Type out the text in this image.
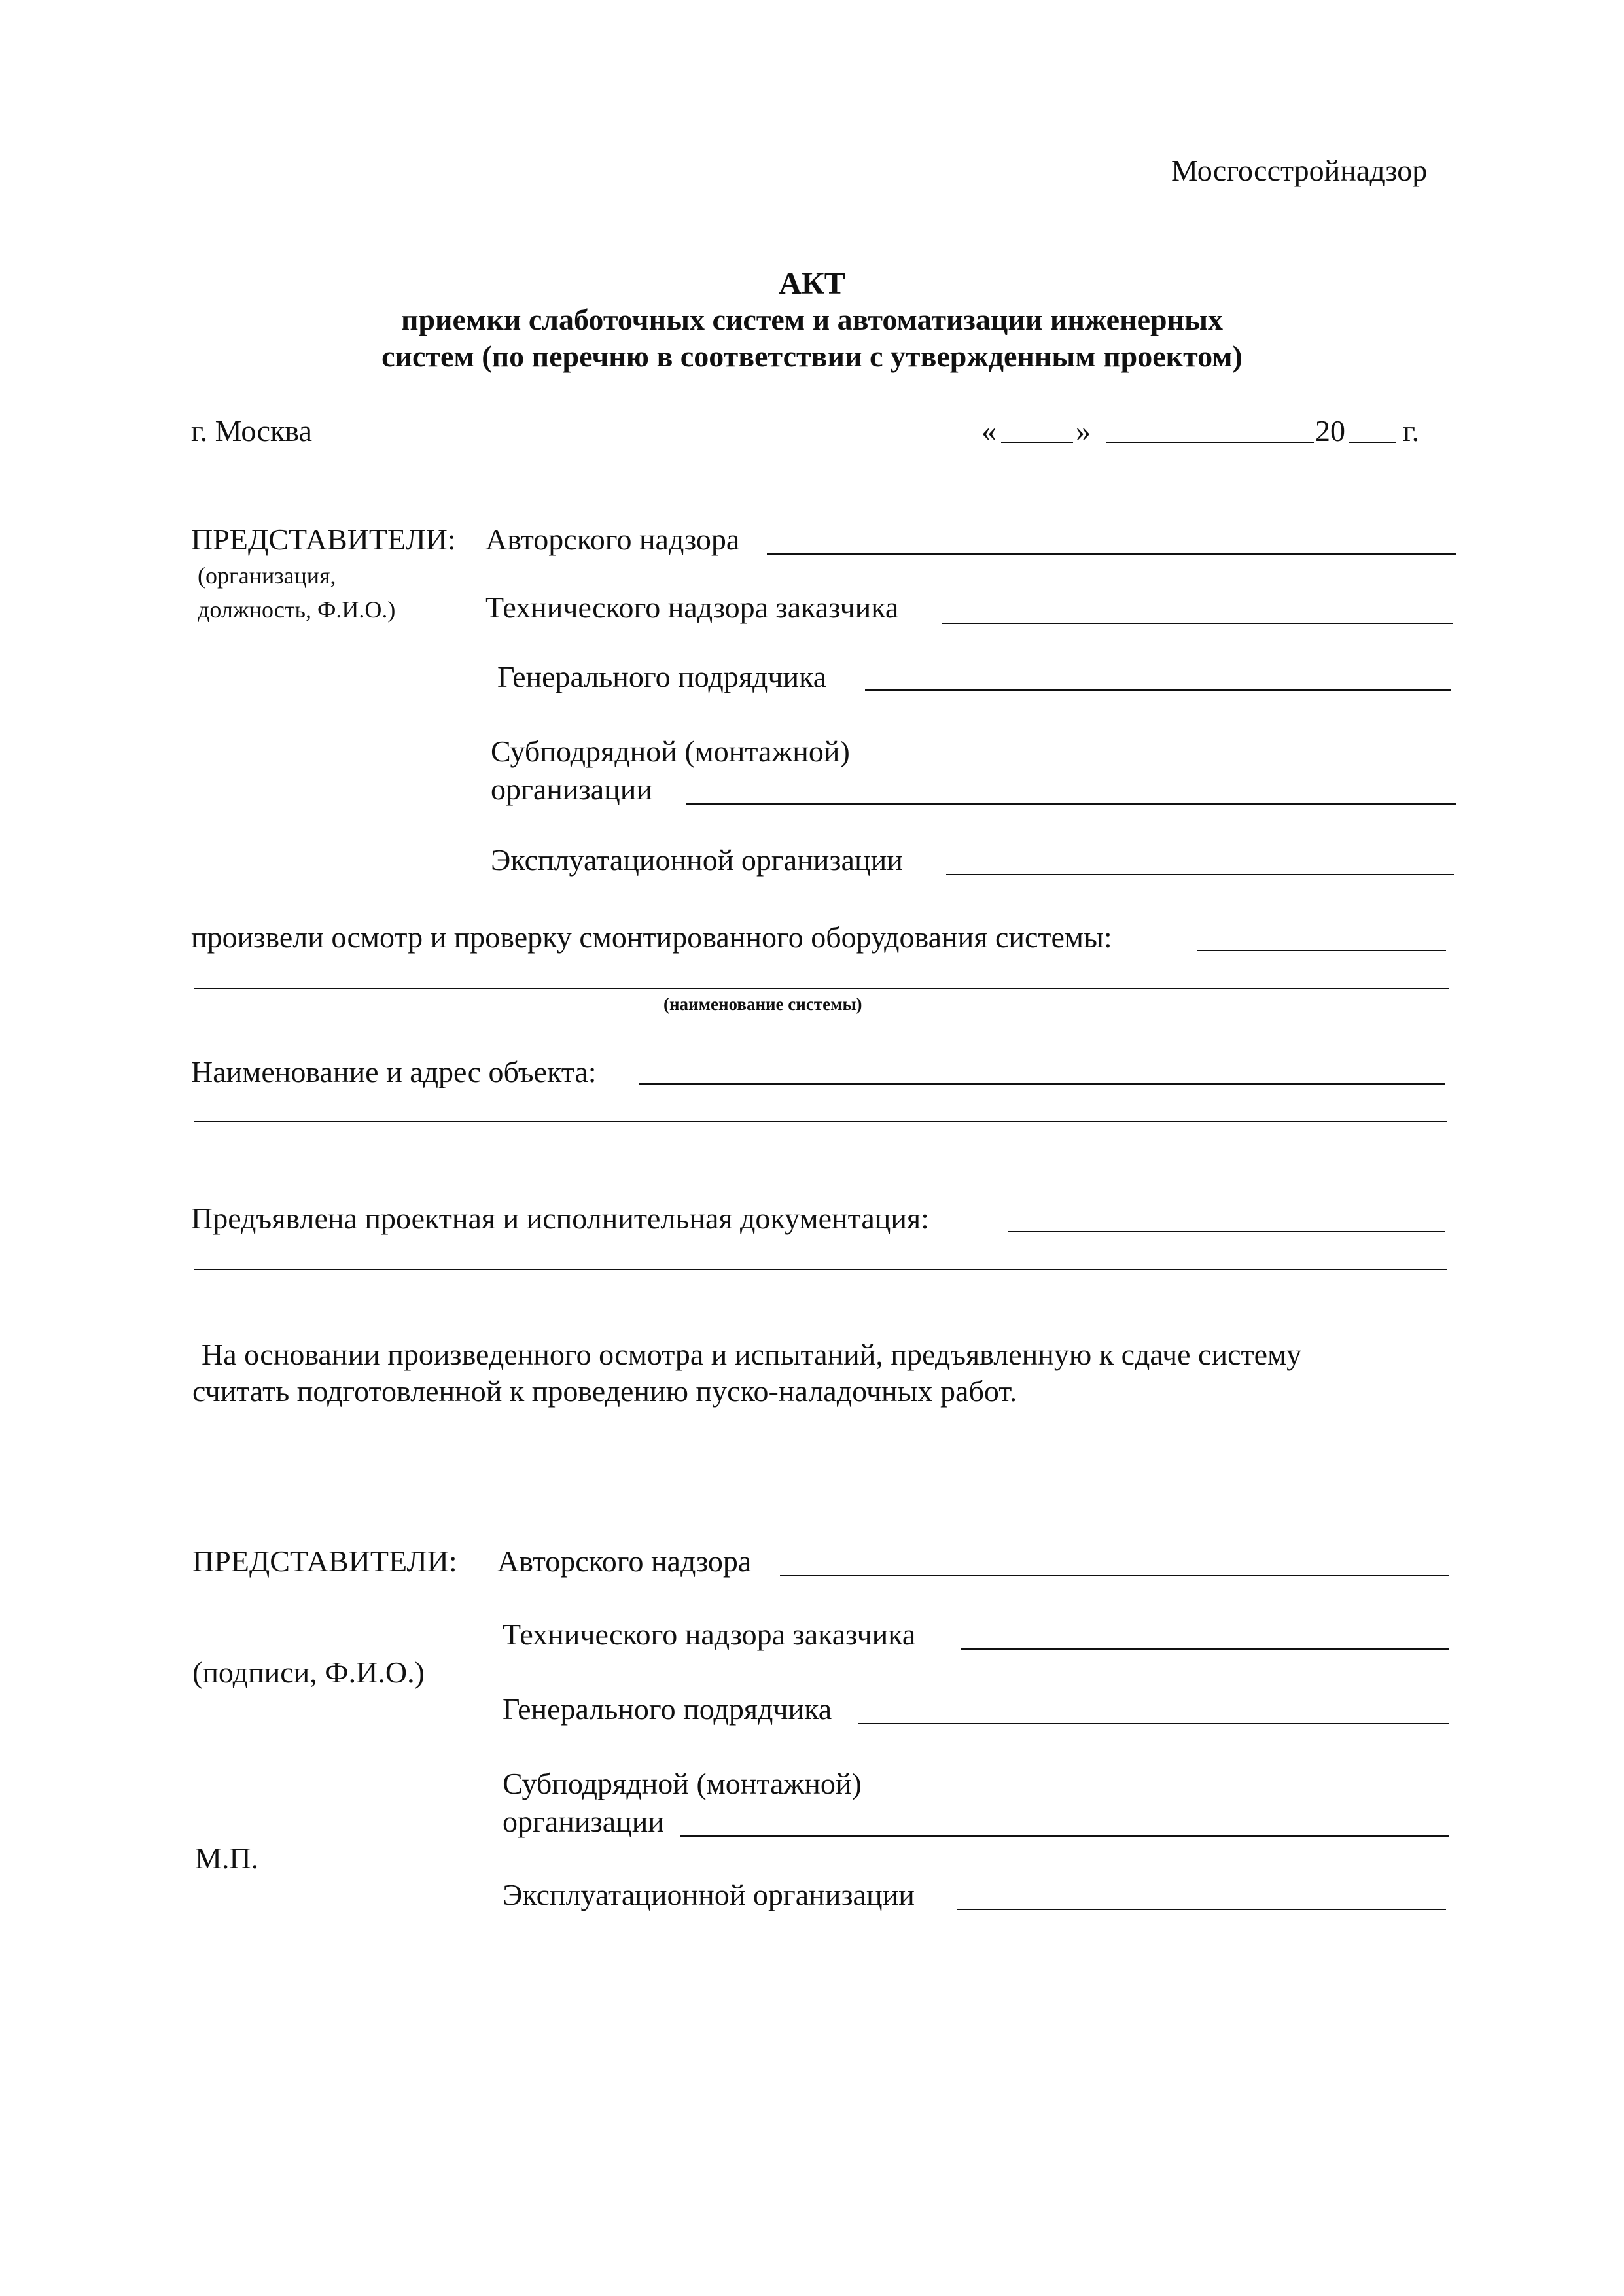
Мосгосстройнадзор
АКТ
приемки слаботочных систем и автоматизации инженерных
систем (по перечню в соответствии с утвержденным проектом)
г. Москва	«	»	20 г.
ПРЕДСТАВИТЕЛИ: Авторского надзора
(организация,
должность, Ф.И.О.)	Технического надзора заказчика
Генерального подрядчика
Субподрядной (монтажной)
организации
Эксплуатационной организации
произвели осмотр и проверку смонтированного оборудования системы:
(наименование системы)
Наименование и адрес объекта:
Предъявлена проектная и исполнительная документация:
На основании произведенного осмотра и испытаний, предъявленную к сдаче систему
считать подготовленной к проведению пуско-наладочных работ.
ПРЕДСТАВИТЕЛИ: Авторского надзора
Технического надзора заказчика
(подписи, Ф.И.О.)
Генерального подрядчика
Субподрядной (монтажной)
организации
М.П.
Эксплуатационной организации
